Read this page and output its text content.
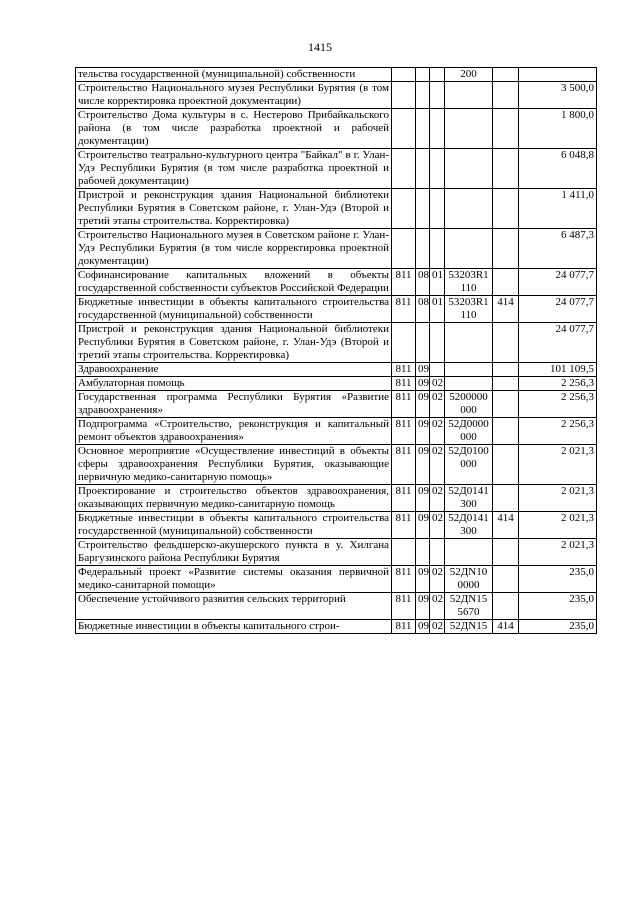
1415
тельства государственной (муниципальной) собственности				200		
Строительство Национального музея Республики Бурятия (в том числе корректировка проектной документации)						3 500,0
Строительство Дома культуры в с. Нестерово Прибайкальского района (в том числе разработка проектной и рабочей документации)						1 800,0
Строительство театрально-культурного центра "Байкал" в г. Улан-Удэ Республики Бурятия (в том числе разработка проектной и рабочей документации)						6 048,8
Пристрой и реконструкция здания Национальной библиотеки Республики Бурятия в Советском районе, г. Улан-Удэ (Второй и третий этапы строительства. Корректировка)						1 411,0
Строительство Национального музея в Советском районе г. Улан-Удэ Республики Бурятия (в том числе корректировка проектной документации)						6 487,3
Софинансирование капитальных вложений в объекты государственной собственности субъектов Российской Федерации	811	08	01	53203R1 110		24 077,7
Бюджетные инвестиции в объекты капитального строительства государственной (муниципальной) собственности	811	08	01	53203R1 110	414	24 077,7
Пристрой и реконструкция здания Национальной библиотеки Республики Бурятия в Советском районе, г. Улан-Удэ (Второй и третий этапы строительства. Корректировка)						24 077,7
Здравоохранение	811	09				101 109,5
Амбулаторная помощь	811	09	02			2 256,3
Государственная программа Республики Бурятия «Развитие здравоохранения»	811	09	02	5200000 000		2 256,3
Подпрограмма «Строительство, реконструкция и капитальный ремонт объектов здравоохранения»	811	09	02	52Д0000 000		2 256,3
Основное мероприятие «Осуществление инвестиций в объекты сферы здравоохранения Республики Бурятия, оказывающие первичную медико-санитарную помощь»	811	09	02	52Д0100 000		2 021,3
Проектирование и строительство объектов здравоохранения, оказывающих первичную медико-санитарную помощь	811	09	02	52Д0141 300		2 021,3
Бюджетные инвестиции в объекты капитального строительства государственной (муниципальной) собственности	811	09	02	52Д0141 300	414	2 021,3
Строительство фельдшерско-акушерского пункта в у. Хилгана Баргузинского района Республики Бурятия						2 021,3
Федеральный проект «Развитие системы оказания первичной медико-санитарной помощи»	811	09	02	52ДN10 0000		235,0
Обеспечение устойчивого развития сельских территорий	811	09	02	52ДN15 5670		235,0
Бюджетные инвестиции в объекты капитального строи-	811	09	02	52ДN15	414	235,0
